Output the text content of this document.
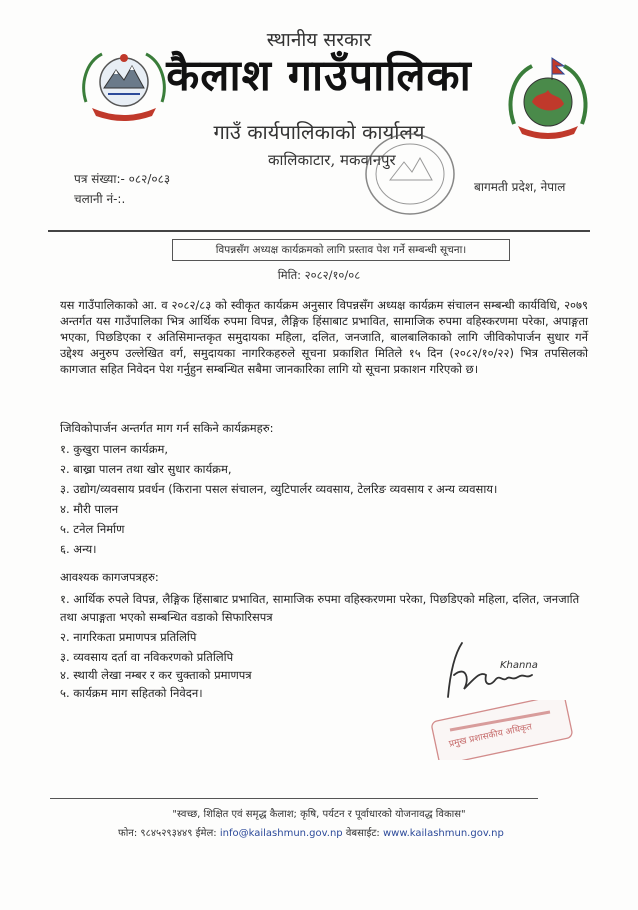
स्थानीय सरकार
कैलाश गाउँपालिका
गाउँ कार्यपालिकाको कार्यालय
कालिकाटार, मकवानपुर
पत्र संख्या:- ०८२/०८३
चलानी नं-:.
बागमती प्रदेश, नेपाल
विपन्नसँग अध्यक्ष कार्यक्रमको लागि प्रस्ताव पेश गर्ने सम्बन्धी सूचना।
मिति: २०८२/१०/०८
यस गाउँपालिकाको आ. व २०८२/८३ को स्वीकृत कार्यक्रम अनुसार विपन्नसँग अध्यक्ष कार्यक्रम संचालन सम्बन्धी कार्यविधि, २०७९ अन्तर्गत यस गाउँपालिका भित्र आर्थिक रुपमा विपन्न, लैङ्गिक हिंसाबाट प्रभावित, सामाजिक रुपमा वहिस्करणमा परेका, अपाङ्गता भएका, पिछडिएका र अतिसिमान्तकृत समुदायका महिला, दलित, जनजाति, बालबालिकाको लागि जीविकोपार्जन सुधार गर्ने उद्देश्य अनुरुप उल्लेखित वर्ग, समुदायका नागरिकहरुले सूचना प्रकाशित मितिले १५ दिन (२०८२/१०/२२) भित्र तपसिलको कागजात सहित निवेदन पेश गर्नुहुन सम्बन्धित सबैमा जानकारिका लागि यो सूचना प्रकाशन गरिएको छ।
जिविकोपार्जन अन्तर्गत माग गर्न सकिने कार्यक्रमहरु:
१. कुखुरा पालन कार्यक्रम,
२. बाख्रा पालन तथा खोर सुधार कार्यक्रम,
३. उद्योग/व्यवसाय प्रवर्धन (किराना पसल संचालन, व्युटिपार्लर व्यवसाय, टेलरिङ व्यवसाय र अन्य व्यवसाय।
४. मौरी पालन
५. टनेल निर्माण
६. अन्य।
आवश्यक कागजपत्रहरु:
१. आर्थिक रुपले विपन्न, लैङ्गिक हिंसाबाट प्रभावित, सामाजिक रुपमा वहिस्करणमा परेका, पिछडिएको महिला, दलित, जनजाति तथा अपाङ्गता भएको सम्बन्धित वडाको सिफारिसपत्र
२. नागरिकता प्रमाणपत्र प्रतिलिपि
३. व्यवसाय दर्ता वा नविकरणको प्रतिलिपि
४. स्थायी लेखा नम्बर र कर चुक्ताको प्रमाणपत्र
५. कार्यक्रम माग सहितको निवेदन।
प्रमुख प्रशासकीय अधिकृत
Khanna
"स्वच्छ, शिक्षित एवं समृद्ध कैलाश; कृषि, पर्यटन र पूर्वाधारको योजनावद्ध विकास"
फोन: ९८४५२९३४४९ ईमेल: info@kailashmun.gov.np वेबसाईट: www.kailashmun.gov.np
